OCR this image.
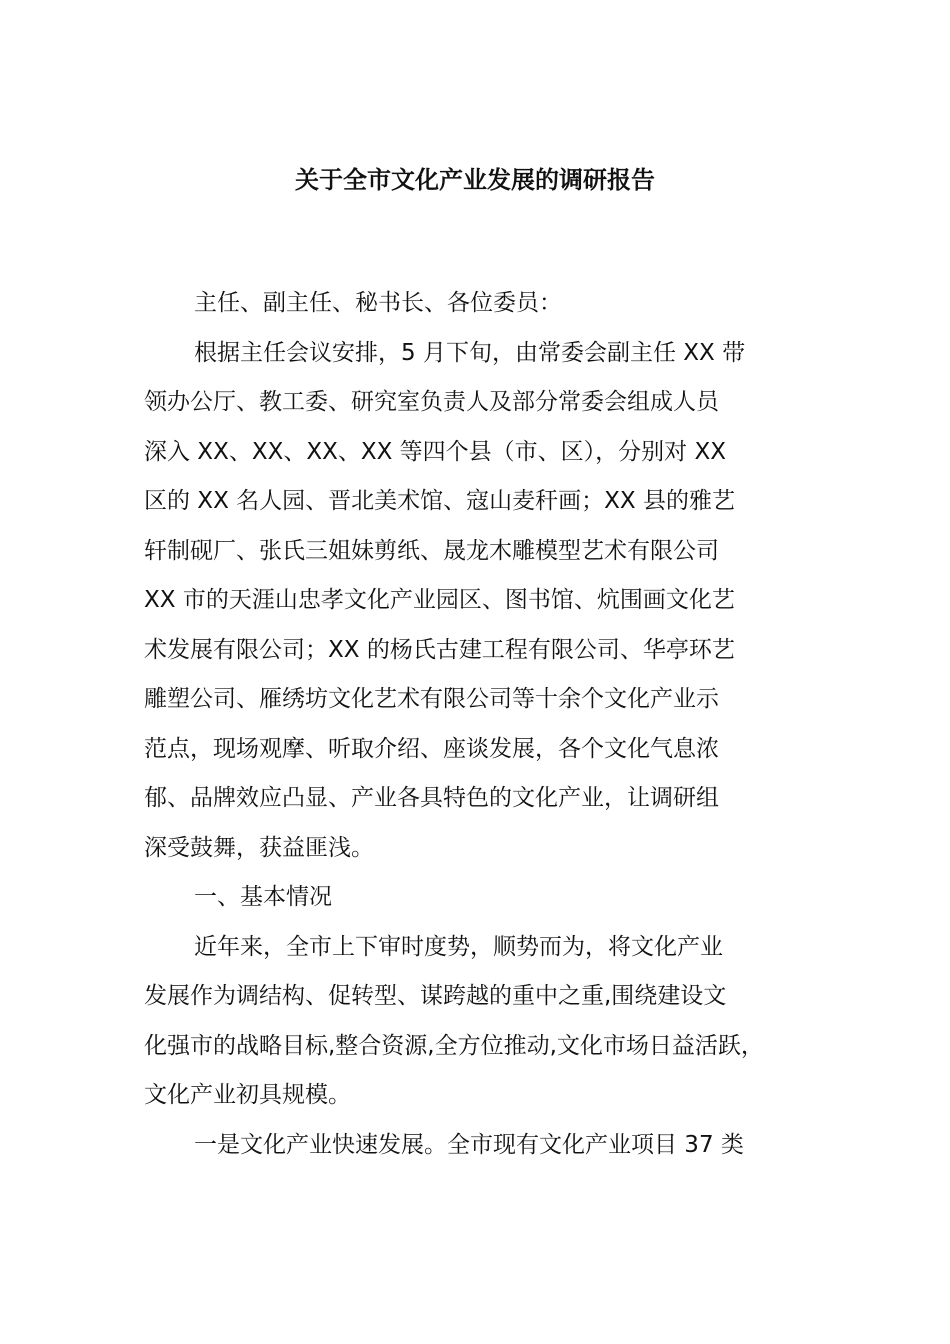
关于全市文化产业发展的调研报告
主任、副主任、秘书长、各位委员：
根据主任会议安排，5 月下旬，由常委会副主任 XX 带
领办公厅、教工委、研究室负责人及部分常委会组成人员
深入 XX、XX、XX、XX 等四个县（市、区），分别对 XX
区的 XX 名人园、晋北美术馆、寇山麦秆画；XX 县的雅艺
轩制砚厂、张氏三姐妹剪纸、晟龙木雕模型艺术有限公司
XX 市的天涯山忠孝文化产业园区、图书馆、炕围画文化艺
术发展有限公司；XX 的杨氏古建工程有限公司、华亭环艺
雕塑公司、雁绣坊文化艺术有限公司等十余个文化产业示
范点，现场观摩、听取介绍、座谈发展，各个文化气息浓
郁、品牌效应凸显、产业各具特色的文化产业，让调研组
深受鼓舞，获益匪浅。
一、基本情况
近年来，全市上下审时度势，顺势而为，将文化产业
发展作为调结构、促转型、谋跨越的重中之重,围绕建设文
化强市的战略目标,整合资源,全方位推动,文化市场日益活跃，
文化产业初具规模。
一是文化产业快速发展。全市现有文化产业项目 37 类
